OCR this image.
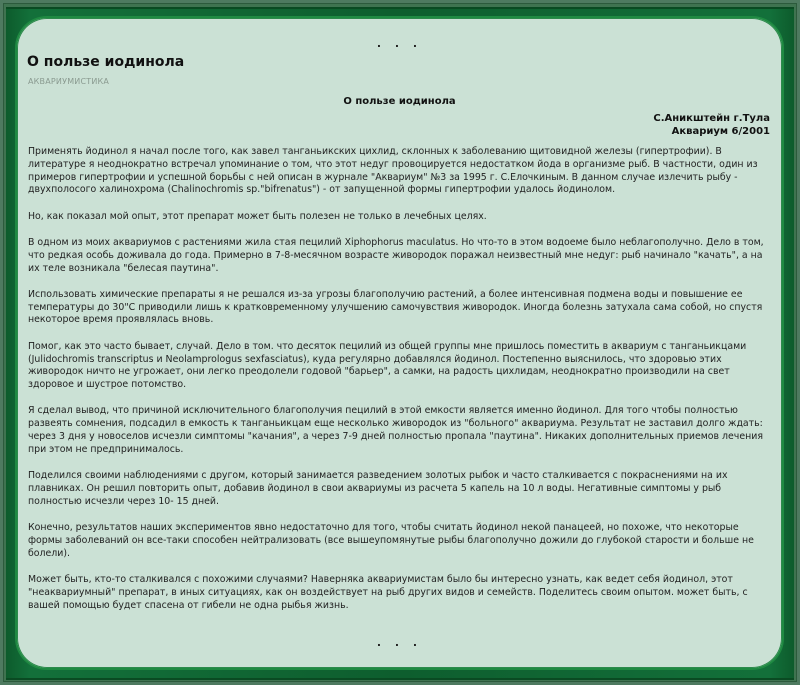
. . .
О пользе иодинола
АКВАРИУМИСТИКА
О пользе иодинола
С.Аникштейн г.Тула
Аквариум 6/2001

Применять йодинол я начал после того, как завел танганьикских цихлид, склонных к заболеванию щитовидной железы (гипертрофии). В литературе я неоднократно встречал упоминание о том, что этот недуг провоцируется недостатком йода в организме рыб. В частности, один из примеров гипертрофии и успешной борьбы с ней описан в журнале "Аквариум" №3 за 1995 г. С.Елочкиным. В данном случае излечить рыбу - двухполосого халинохрома (Chalinochromis sp."bifrenatus") - от запущенной формы гипертрофии удалось йодинолом.

Но, как показал мой опыт, этот препарат может быть полезен не только в лечебных целях.

В одном из моих аквариумов с растениями жила стая пецилий Xiphophorus maculatus. Но что-то в этом водоеме было неблагополучно. Дело в том, что редкая особь доживала до года. Примерно в 7-8-месячном возрасте живородок поражал неизвестный мне недуг: рыб начинало "качать", а на их теле возникала "белесая паутина".

Использовать химические препараты я не решался из-за угрозы благополучию растений, а более интенсивная подмена воды и повышение ее температуры до 30"С приводили лишь к кратковременному улучшению самочувствия живородок. Иногда болезнь затухала сама собой, но спустя некоторое время проявлялась вновь.

Помог, как это часто бывает, случай. Дело в том. что десяток пецилий из общей группы мне пришлось поместить в аквариум с танганьикцами (Julidochromis transcriptus и Neolamprologus sexfasciatus), куда регулярно добавлялся йодинол. Постепенно выяснилось, что здоровью этих живородок ничто не угрожает, они легко преодолели годовой "барьер", а самки, на радость цихлидам, неоднократно производили на свет здоровое и шустрое потомство.

Я сделал вывод, что причиной исключительного благополучия пецилий в этой емкости является именно йодинол. Для того чтобы полностью развеять сомнения, подсадил в емкость к танганьикцам еще несколько живородок из "больного" аквариума. Результат не заставил долго ждать: через 3 дня у новоселов исчезли симптомы "качания", а через 7-9 дней полностью пропала "паутина". Никаких дополнительных приемов лечения при этом не предпринималось.

Поделился своими наблюдениями с другом, который занимается разведением золотых рыбок и часто сталкивается с покраснениями на их плавниках. Он решил повторить опыт, добавив йодинол в свои аквариумы из расчета 5 капель на 10 л воды. Негативные симптомы у рыб полностью исчезли через 10- 15 дней.

Конечно, результатов наших экспериментов явно недостаточно для того, чтобы считать йодинол некой панацеей, но похоже, что некоторые формы заболеваний он все-таки способен нейтрализовать (все вышеупомянутые рыбы благополучно дожили до глубокой старости и больше не болели).

Может быть, кто-то сталкивался с похожими случаями? Наверняка аквариумистам было бы интересно узнать, как ведет себя йодинол, этот "неаквариумный" препарат, в иных ситуациях, как он воздействует на рыб других видов и семейств. Поделитесь своим опытом. может быть, с вашей помощью будет спасена от гибели не одна рыбья жизнь.

. . .
